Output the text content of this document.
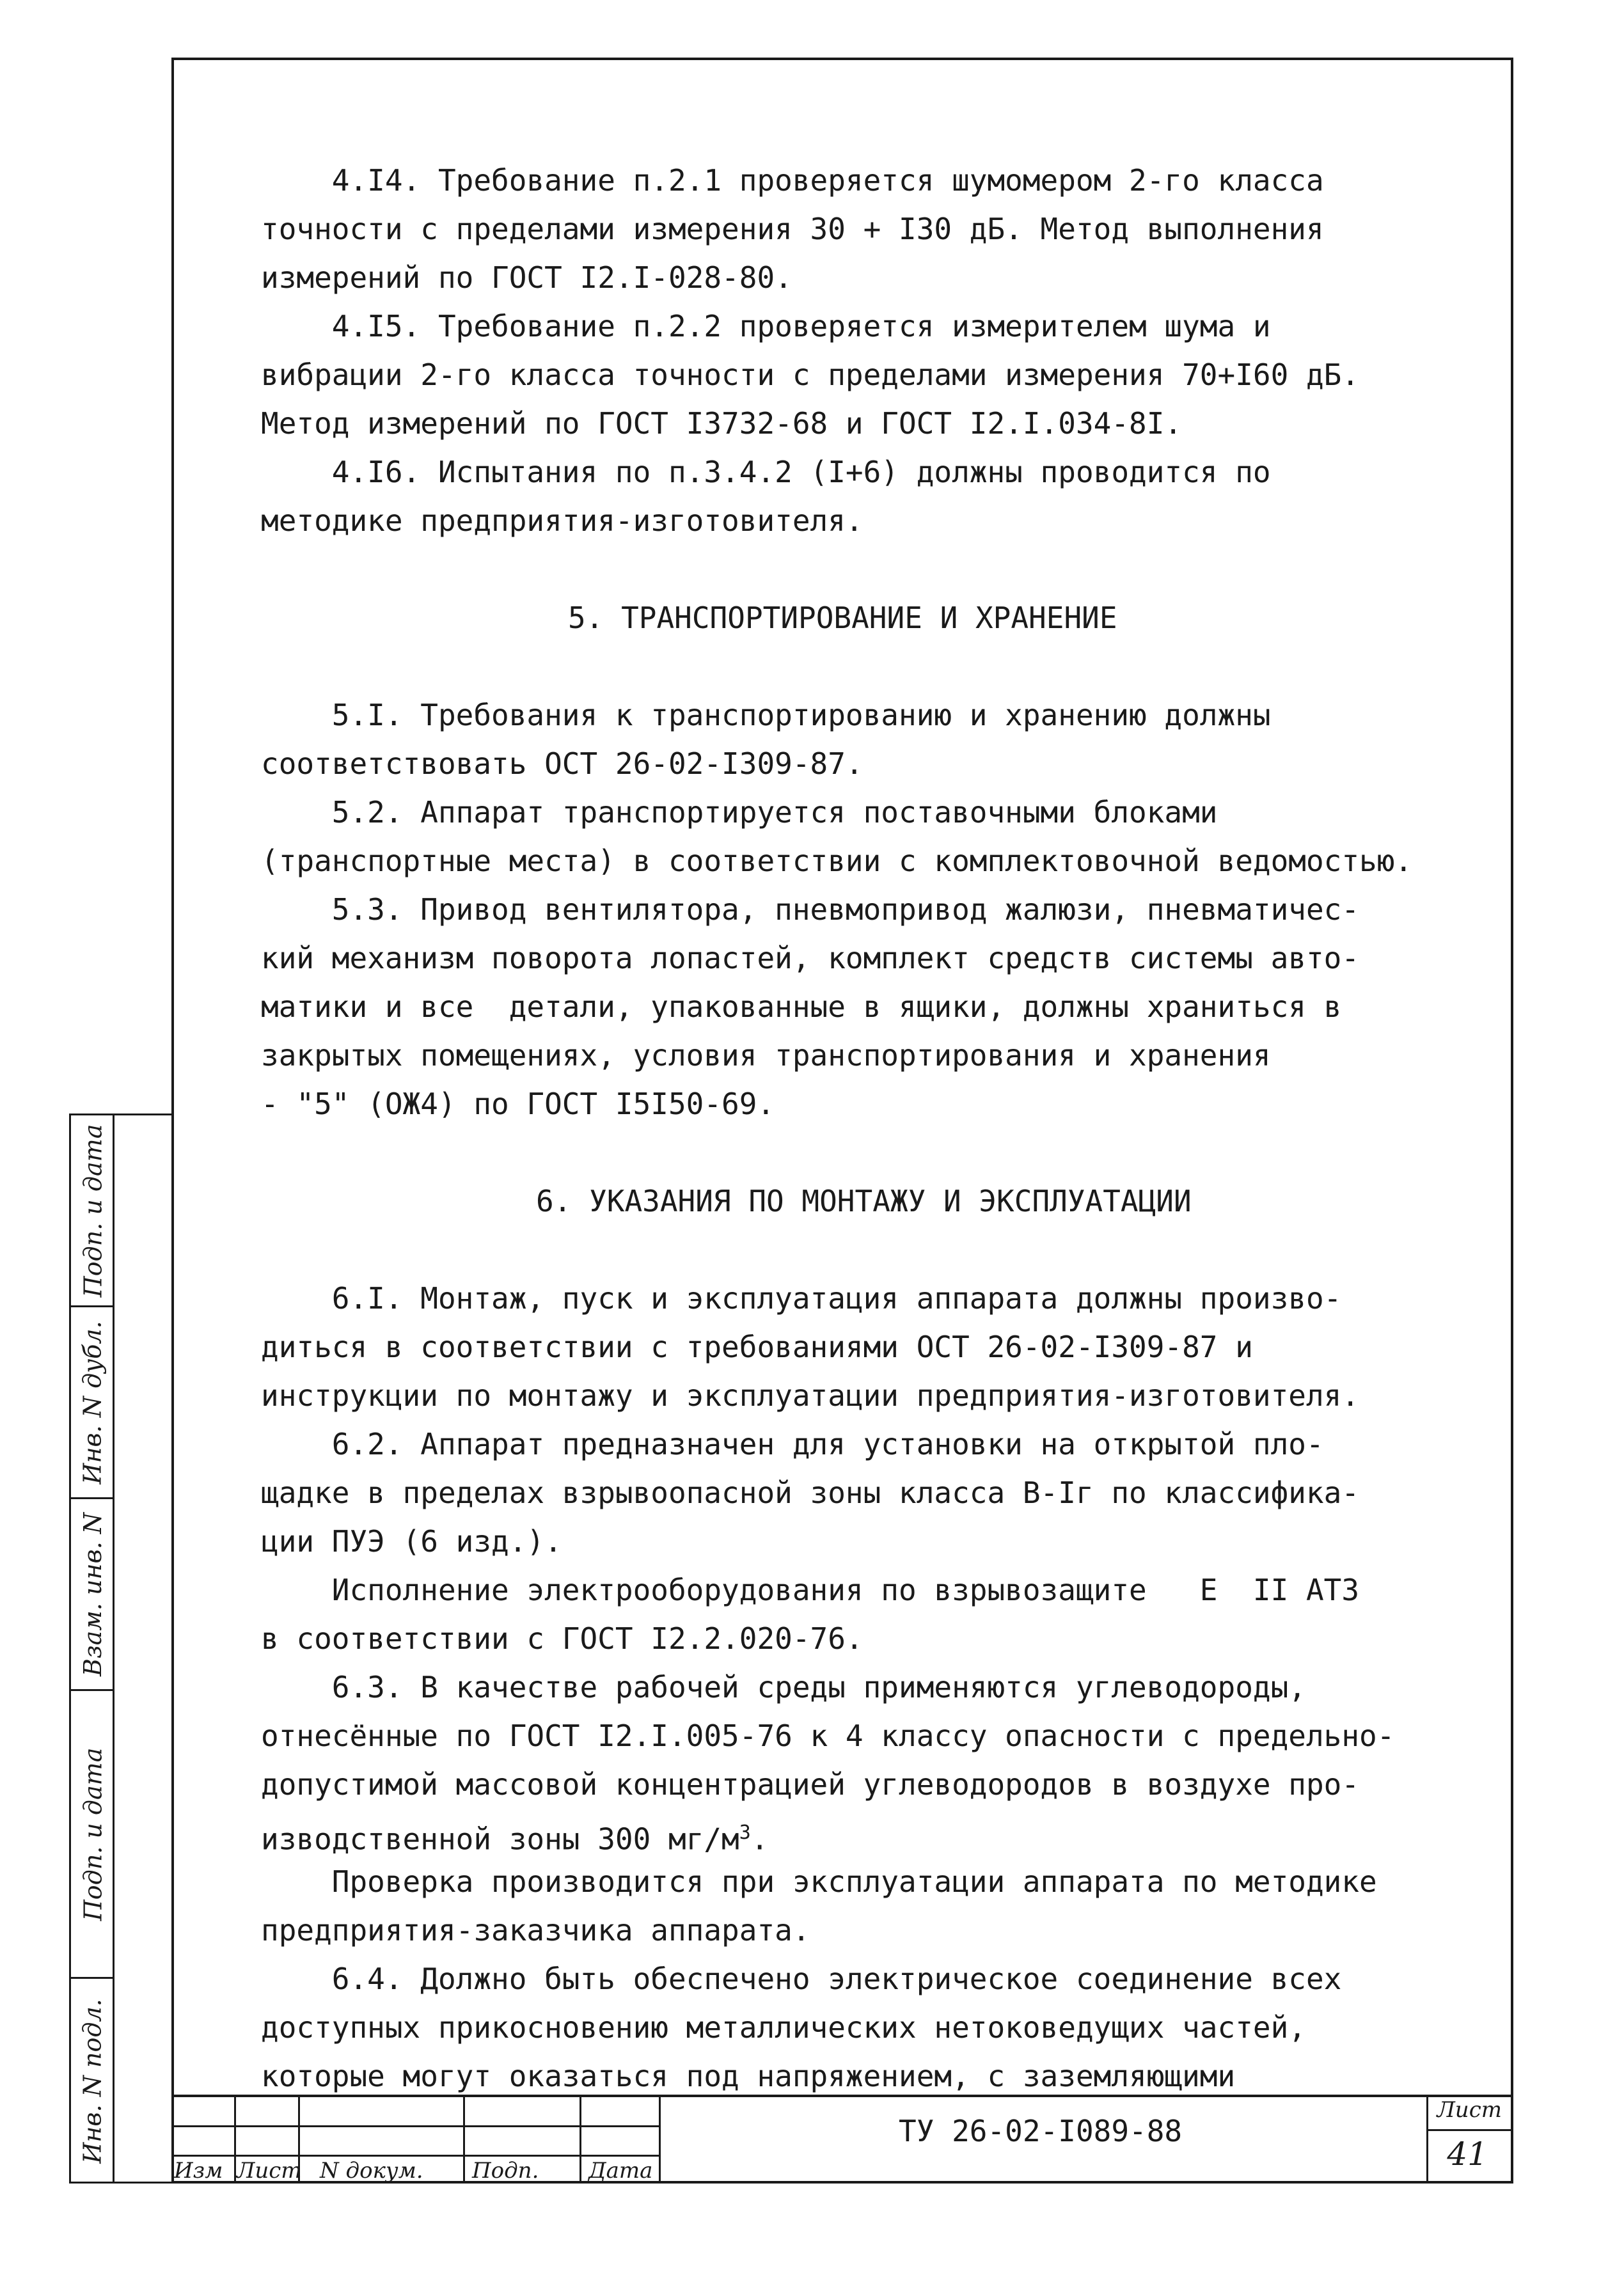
Подп. и дата
Инв. N дубл.
Взам. инв. N
Подп. и дата
Инв. N подл.
4.I4. Требование п.2.1 проверяется шумомером 2-го класса
точности с пределами измерения 30 + I30 дБ. Метод выполнения
измерений по ГОСТ I2.I-028-80.
4.I5. Требование п.2.2 проверяется измерителем шума и
вибрации 2-го класса точности с пределами измерения 70+I60 дБ.
Метод измерений по ГОСТ I3732-68 и ГОСТ I2.I.034-8I.
4.I6. Испытания по п.3.4.2 (I+6) должны проводится по
методике предприятия-изготовителя.
5. ТРАНСПОРТИРОВАНИЕ И ХРАНЕНИЕ
5.I. Требования к транспортированию и хранению должны
соответствовать ОСТ 26-02-I309-87.
5.2. Аппарат транспортируется поставочными блоками
(транспортные места) в соответствии с комплектовочной ведомостью.
5.3. Привод вентилятора, пневмопривод жалюзи, пневматичес-
кий механизм поворота лопастей, комплект средств системы авто-
матики и все  детали, упакованные в ящики, должны храниться в
закрытых помещениях, условия транспортирования и хранения
- "5" (ОЖ4) по ГОСТ I5I50-69.
6. УКАЗАНИЯ ПО МОНТАЖУ И ЭКСПЛУАТАЦИИ
6.I. Монтаж, пуск и эксплуатация аппарата должны произво-
диться в соответствии с требованиями ОСТ 26-02-I309-87 и
инструкции по монтажу и эксплуатации предприятия-изготовителя.
6.2. Аппарат предназначен для установки на открытой пло-
щадке в пределах взрывоопасной зоны класса В-Iг по классифика-
ции ПУЭ (6 изд.).
Исполнение электрооборудования по взрывозащите   Е  II АТЗ
в соответствии с ГОСТ I2.2.020-76.
6.3. В качестве рабочей среды применяются углеводороды,
отнесённые по ГОСТ I2.I.005-76 к 4 классу опасности с предельно-
допустимой массовой концентрацией углеводородов в воздухе про-
изводственной зоны 300 $мг/м^3$.
Проверка производится при эксплуатации аппарата по методике
предприятия-заказчика аппарата.
6.4. Должно быть обеспечено электрическое соединение всех
доступных прикосновению металлических нетоковедущих частей,
которые могут оказаться под напряжением, с заземляющими
Изм Лист N докум. Подп. Дата
ТУ 26-02-I089-88
Лист
41
